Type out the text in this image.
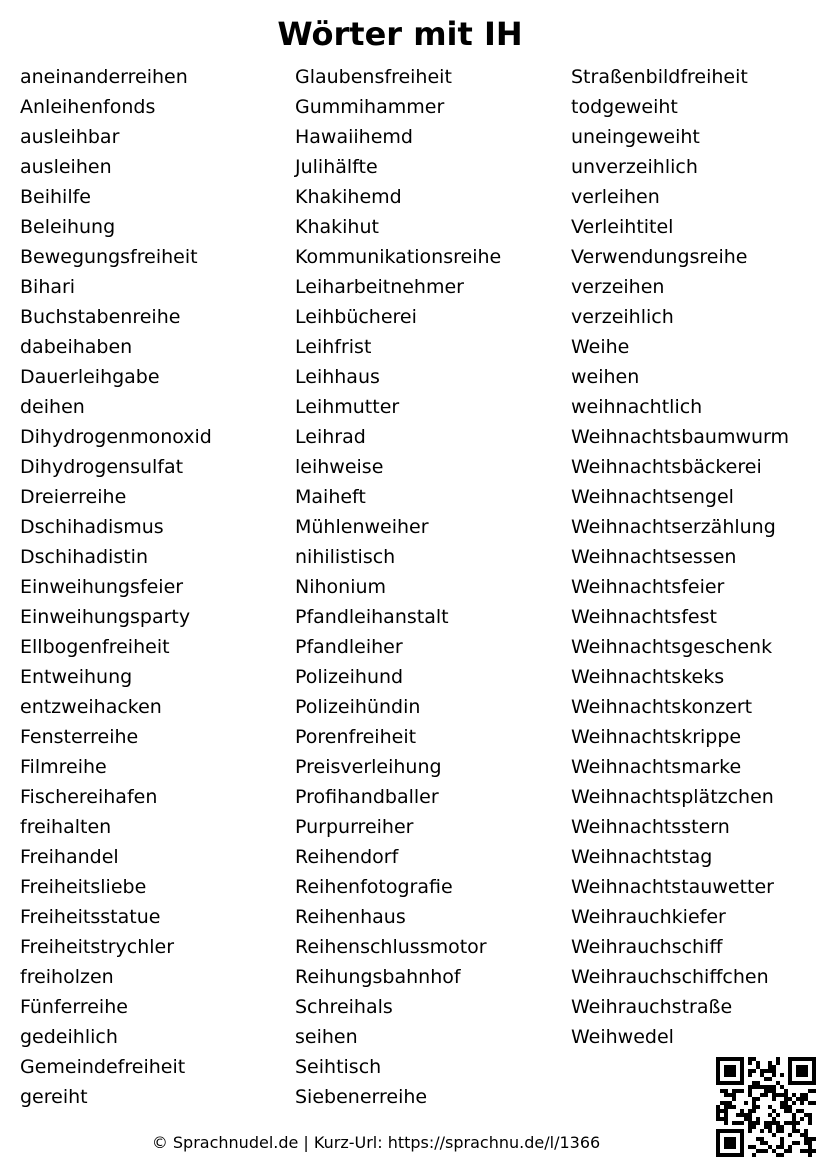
Wörter mit IH
aneinanderreihen
Anleihenfonds
ausleihbar
ausleihen
Beihilfe
Beleihung
Bewegungsfreiheit
Bihari
Buchstabenreihe
dabeihaben
Dauerleihgabe
deihen
Dihydrogenmonoxid
Dihydrogensulfat
Dreierreihe
Dschihadismus
Dschihadistin
Einweihungsfeier
Einweihungsparty
Ellbogenfreiheit
Entweihung
entzweihacken
Fensterreihe
Filmreihe
Fischereihafen
freihalten
Freihandel
Freiheitsliebe
Freiheitsstatue
Freiheitstrychler
freiholzen
Fünferreihe
gedeihlich
Gemeindefreiheit
gereiht
Glaubensfreiheit
Gummihammer
Hawaiihemd
Julihälfte
Khakihemd
Khakihut
Kommunikationsreihe
Leiharbeitnehmer
Leihbücherei
Leihfrist
Leihhaus
Leihmutter
Leihrad
leihweise
Maiheft
Mühlenweiher
nihilistisch
Nihonium
Pfandleihanstalt
Pfandleiher
Polizeihund
Polizeihündin
Porenfreiheit
Preisverleihung
Profihandballer
Purpurreiher
Reihendorf
Reihenfotografie
Reihenhaus
Reihenschlussmotor
Reihungsbahnhof
Schreihals
seihen
Seihtisch
Siebenerreihe
Straßenbildfreiheit
todgeweiht
uneingeweiht
unverzeihlich
verleihen
Verleihtitel
Verwendungsreihe
verzeihen
verzeihlich
Weihe
weihen
weihnachtlich
Weihnachtsbaumwurm
Weihnachtsbäckerei
Weihnachtsengel
Weihnachtserzählung
Weihnachtsessen
Weihnachtsfeier
Weihnachtsfest
Weihnachtsgeschenk
Weihnachtskeks
Weihnachtskonzert
Weihnachtskrippe
Weihnachtsmarke
Weihnachtsplätzchen
Weihnachtsstern
Weihnachtstag
Weihnachtstauwetter
Weihrauchkiefer
Weihrauchschiff
Weihrauchschiffchen
Weihrauchstraße
Weihwedel
© Sprachnudel.de | Kurz-Url: https://sprachnu.de/l/1366
